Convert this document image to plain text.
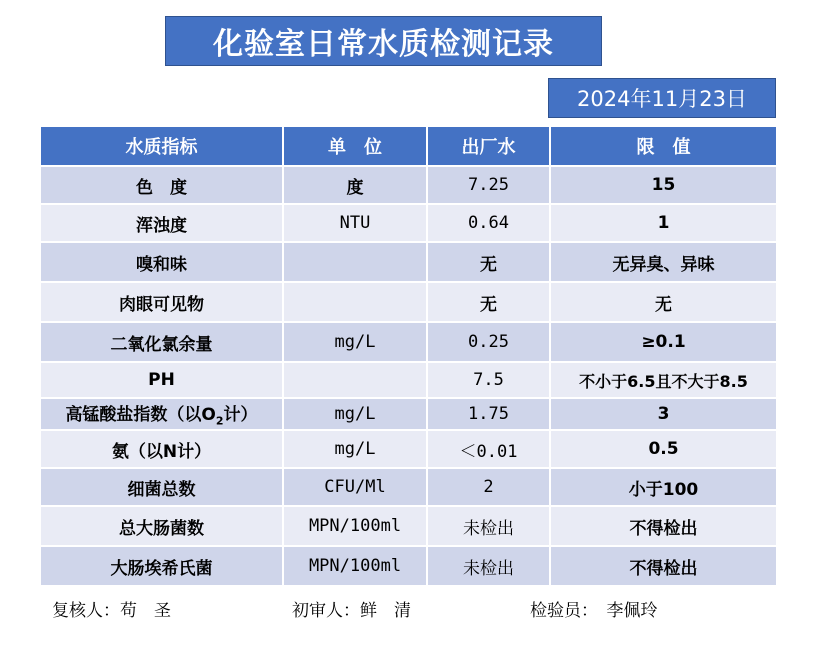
化验室日常水质检测记录
2024年11月23日
水质指标	单　位	出厂水	限　值
色　度	度	7.25	15
浑浊度	NTU	0.64	1
嗅和味		无	无异臭、异味
肉眼可见物		无	无
二氧化氯余量	mg/L	0.25	≥0.1
PH		7.5	不小于6.5且不大于8.5
高锰酸盐指数（以$O_2$计）	mg/L	1.75	3
氨（以N计）	mg/L	＜0.01	0.5
细菌总数	CFU/Ml	2	小于100
总大肠菌数	MPN/100ml	未检出	不得检出
大肠埃希氏菌	MPN/100ml	未检出	不得检出
复核人：苟　圣	初审人：鲜　清	检验员：　李佩玲
